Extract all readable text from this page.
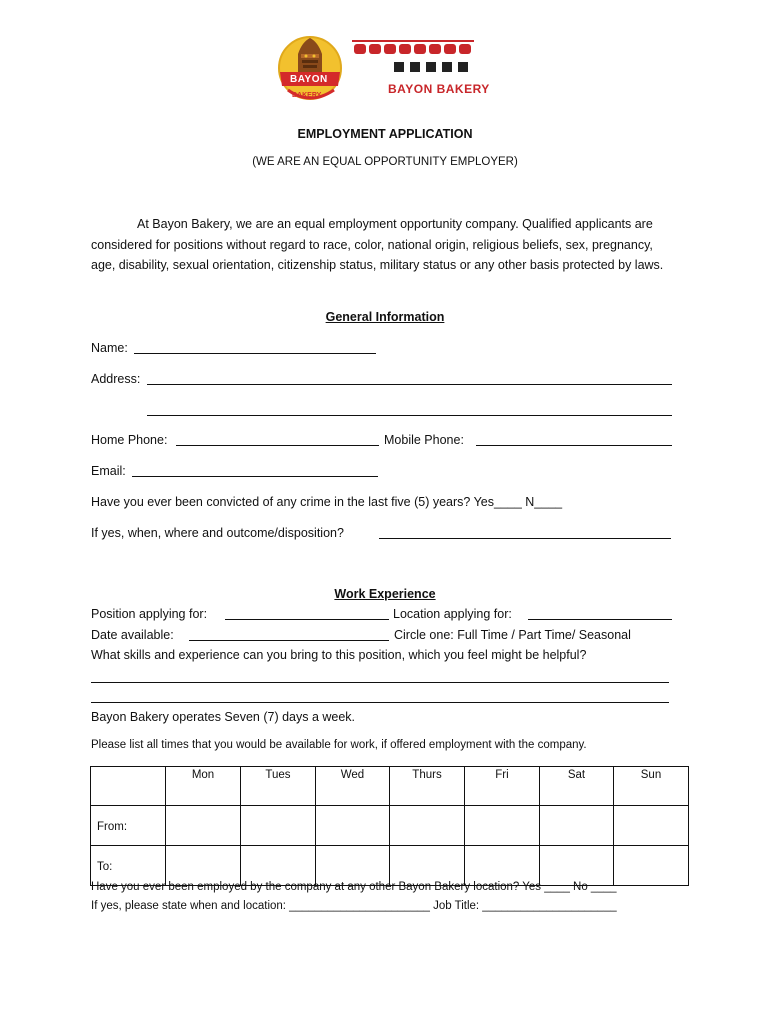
BAYON
BAKERY	BAYON BAKERY
EMPLOYMENT APPLICATION
(WE ARE AN EQUAL OPPORTUNITY EMPLOYER)
At Bayon Bakery, we are an equal employment opportunity company. Qualified applicants are considered for positions without regard to race, color, national origin, religious beliefs, sex, pregnancy, age, disability, sexual orientation, citizenship status, military status or any other basis protected by laws.
General Information
Name:
Address:
Home Phone:	Mobile Phone:
Email:
Have you ever been convicted of any crime in the last five (5) years? Yes____ N____
If yes, when, where and outcome/disposition?
Work Experience
Position applying for:	Location applying for:
Date available:	Circle one: Full Time / Part Time/ Seasonal
What skills and experience can you bring to this position, which you feel might be helpful?
Bayon Bakery operates Seven (7) days a week.
Please list all times that you would be available for work, if offered employment with the company.
	Mon	Tues	Wed	Thurs	Fri	Sat	Sun
From:							
To:							
Have you ever been employed by the company at any other Bayon Bakery location? Yes ____ No ____
If yes, please state when and location: ______________________ Job Title: _____________________
